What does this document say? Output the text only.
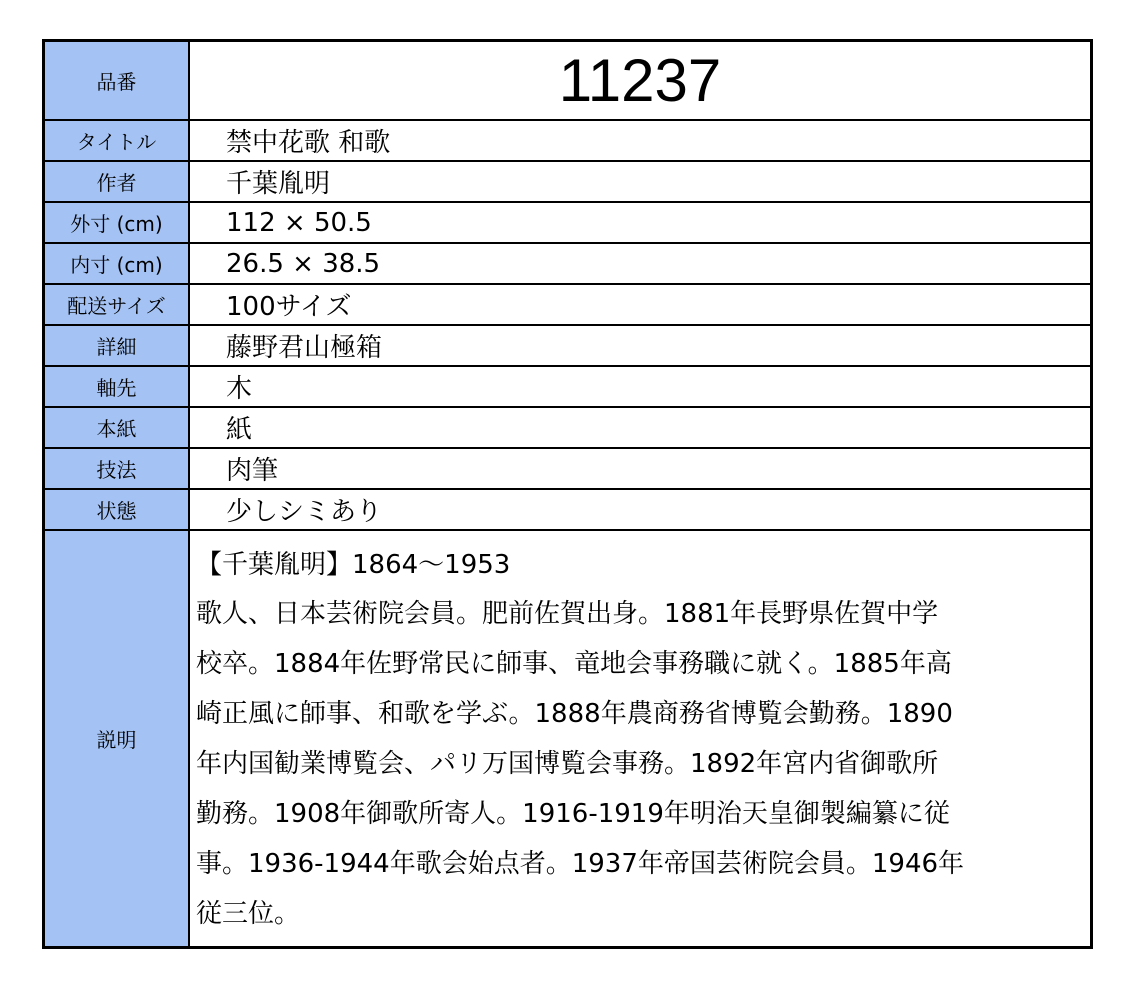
品番	11237
タイトル	禁中花歌 和歌
作者	千葉胤明
外寸 (cm)	112 × 50.5
内寸 (cm)	26.5 × 38.5
配送サイズ	100サイズ
詳細	藤野君山極箱
軸先	木
本紙	紙
技法	肉筆
状態	少しシミあり
説明
【千葉胤明】1864〜1953
歌人、日本芸術院会員。肥前佐賀出身。1881年長野県佐賀中学
校卒。1884年佐野常民に師事、竜地会事務職に就く。1885年高
崎正風に師事、和歌を学ぶ。1888年農商務省博覧会勤務。1890
年内国勧業博覧会、パリ万国博覧会事務。1892年宮内省御歌所
勤務。1908年御歌所寄人。1916-1919年明治天皇御製編纂に従
事。1936-1944年歌会始点者。1937年帝国芸術院会員。1946年
従三位。
